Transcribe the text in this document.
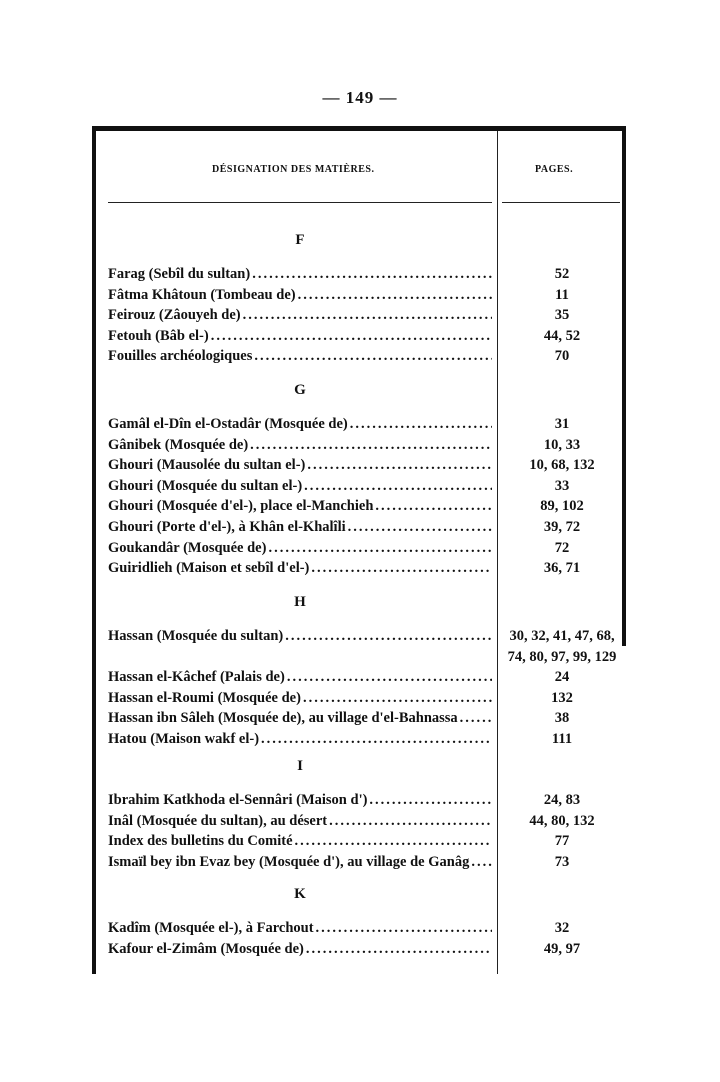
— 149 —
DÉSIGNATION DES MATIÈRES.	PAGES.
F
Farag (Sebîl du sultan) .....	52
Fâtma Khâtoun (Tombeau de) .....	11
Feirouz (Zâouyeh de) .....	35
Fetouh (Bâb el-) .....	44, 52
Fouilles archéologiques .....	70
G
Gamâl el-Dîn el-Ostadâr (Mosquée de) .....	31
Gânibek (Mosquée de) .....	10, 33
Ghouri (Mausolée du sultan el-) .....	10, 68, 132
Ghouri (Mosquée du sultan el-) .....	33
Ghouri (Mosquée d'el-), place el-Manchieh .....	89, 102
Ghouri (Porte d'el-), à Khân el-Khalîli .....	39, 72
Goukandâr (Mosquée de) .....	72
Guiridlieh (Maison et sebîl d'el-) .....	36, 71
H
Hassan (Mosquée du sultan) .....	30, 32, 41, 47, 68,
74, 80, 97, 99, 129
Hassan el-Kâchef (Palais de) .....	24
Hassan el-Roumi (Mosquée de) .....	132
Hassan ibn Sâleh (Mosquée de), au village d'el-Bahnassa .....	38
Hatou (Maison wakf el-) .....	111
I
Ibrahim Katkhoda el-Sennâri (Maison d') .....	24, 83
Inâl (Mosquée du sultan), au désert .....	44, 80, 132
Index des bulletins du Comité .....	77
Ismaïl bey ibn Evaz bey (Mosquée d'), au village de Ganâg .....	73
K
Kadîm (Mosquée el-), à Farchout .....	32
Kafour el-Zimâm (Mosquée de) .....	49, 97
